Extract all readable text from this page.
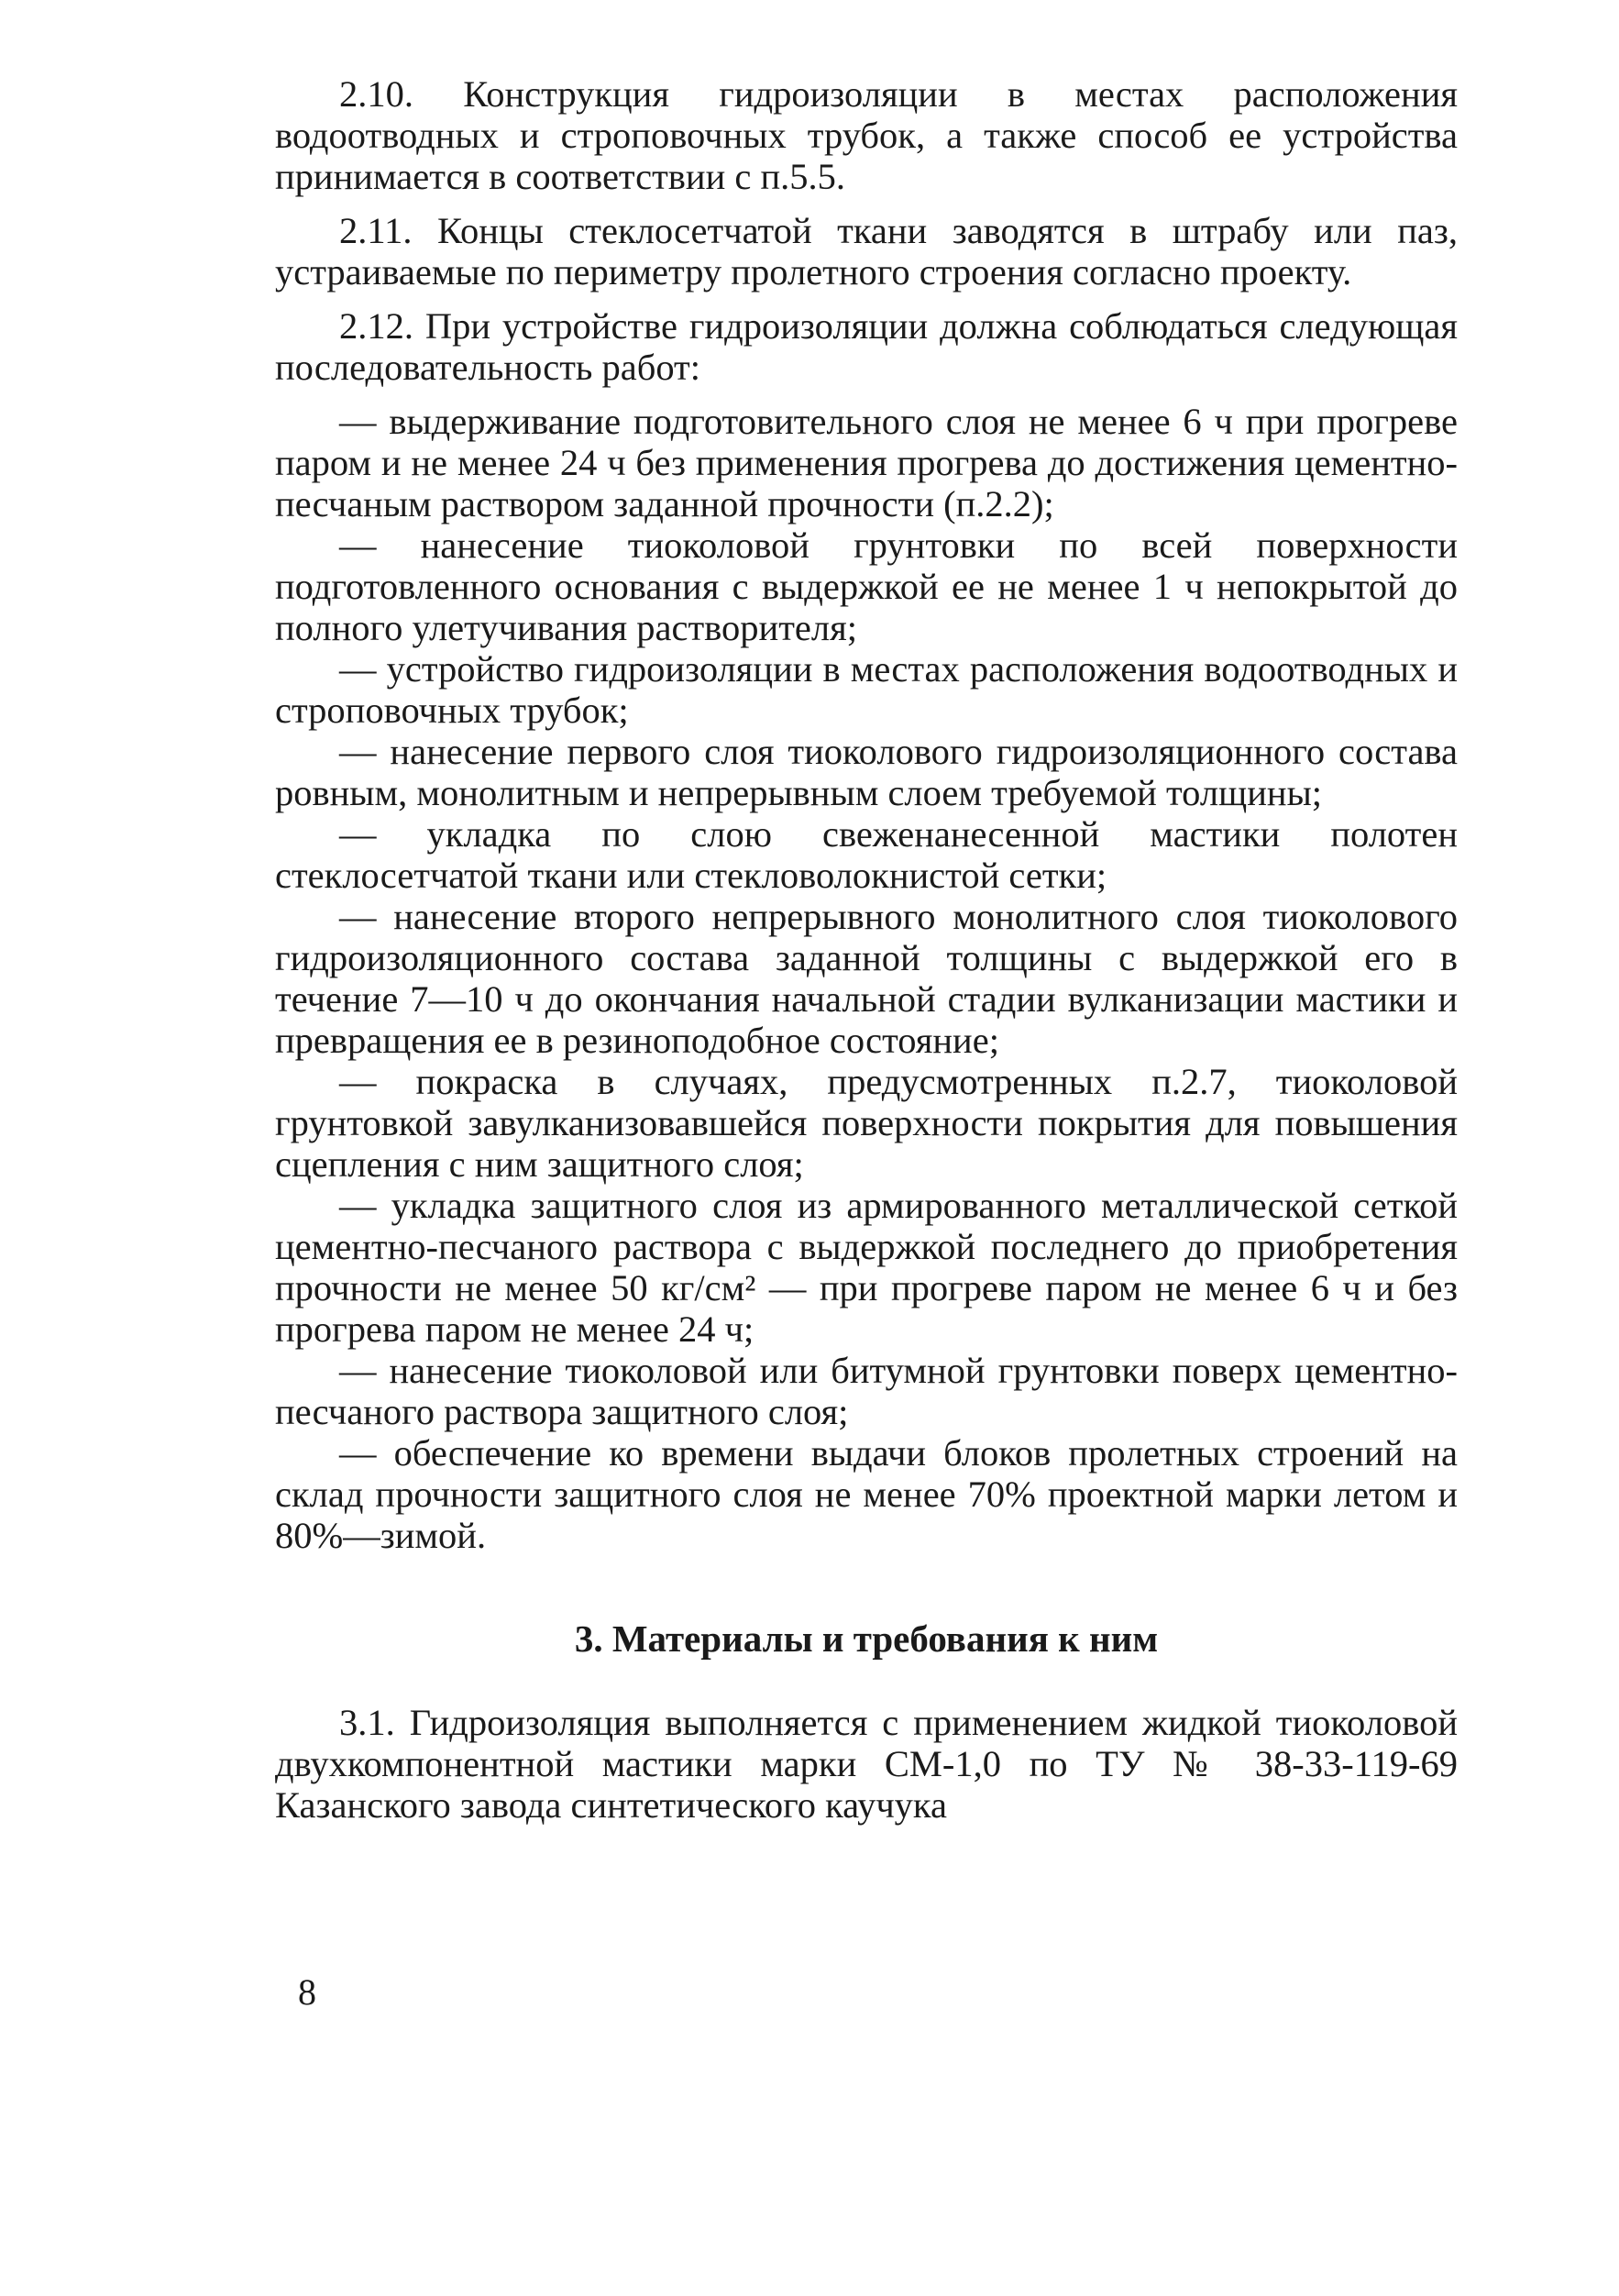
2.10. Конструкция гидроизоляции в местах расположения водоотводных и строповочных трубок, а также способ ее устройства принимается в соответствии с п.5.5.

2.11. Концы стеклосетчатой ткани заводятся в штрабу или паз, устраиваемые по периметру пролетного строения согласно проекту.

2.12. При устройстве гидроизоляции должна соблюдаться следующая последовательность работ:

— выдерживание подготовительного слоя не менее 6 ч при прогреве паром и не менее 24 ч без применения прогрева до достижения цементно-песчаным раствором заданной прочности (п.2.2);

— нанесение тиоколовой грунтовки по всей поверхности подготовленного основания с выдержкой ее не менее 1 ч непокрытой до полного улетучивания растворителя;

— устройство гидроизоляции в местах расположения водоотводных и строповочных трубок;

— нанесение первого слоя тиоколового гидроизоляционного состава ровным, монолитным и непрерывным слоем требуемой толщины;

— укладка по слою свеженанесенной мастики полотен стеклосетчатой ткани или стекловолокнистой сетки;

— нанесение второго непрерывного монолитного слоя тиоколового гидроизоляционного состава заданной толщины с выдержкой его в течение 7—10 ч до окончания начальной стадии вулканизации мастики и превращения ее в резиноподобное состояние;

— покраска в случаях, предусмотренных п.2.7, тиоколовой грунтовкой завулканизовавшейся поверхности покрытия для повышения сцепления с ним защитного слоя;

— укладка защитного слоя из армированного металлической сеткой цементно-песчаного раствора с выдержкой последнего до приобретения прочности не менее 50 кг/см² — при прогреве паром не менее 6 ч и без прогрева паром не менее 24 ч;

— нанесение тиоколовой или битумной грунтовки поверх цементно-песчаного раствора защитного слоя;

— обеспечение ко времени выдачи блоков пролетных строений на склад прочности защитного слоя не менее 70% проектной марки летом и 80%—зимой.

3. Материалы и требования к ним

3.1. Гидроизоляция выполняется с применением жидкой тиоколовой двухкомпонентной мастики марки СМ-1,0 по ТУ № 38-33-119-69 Казанского завода синтетического каучука

8
